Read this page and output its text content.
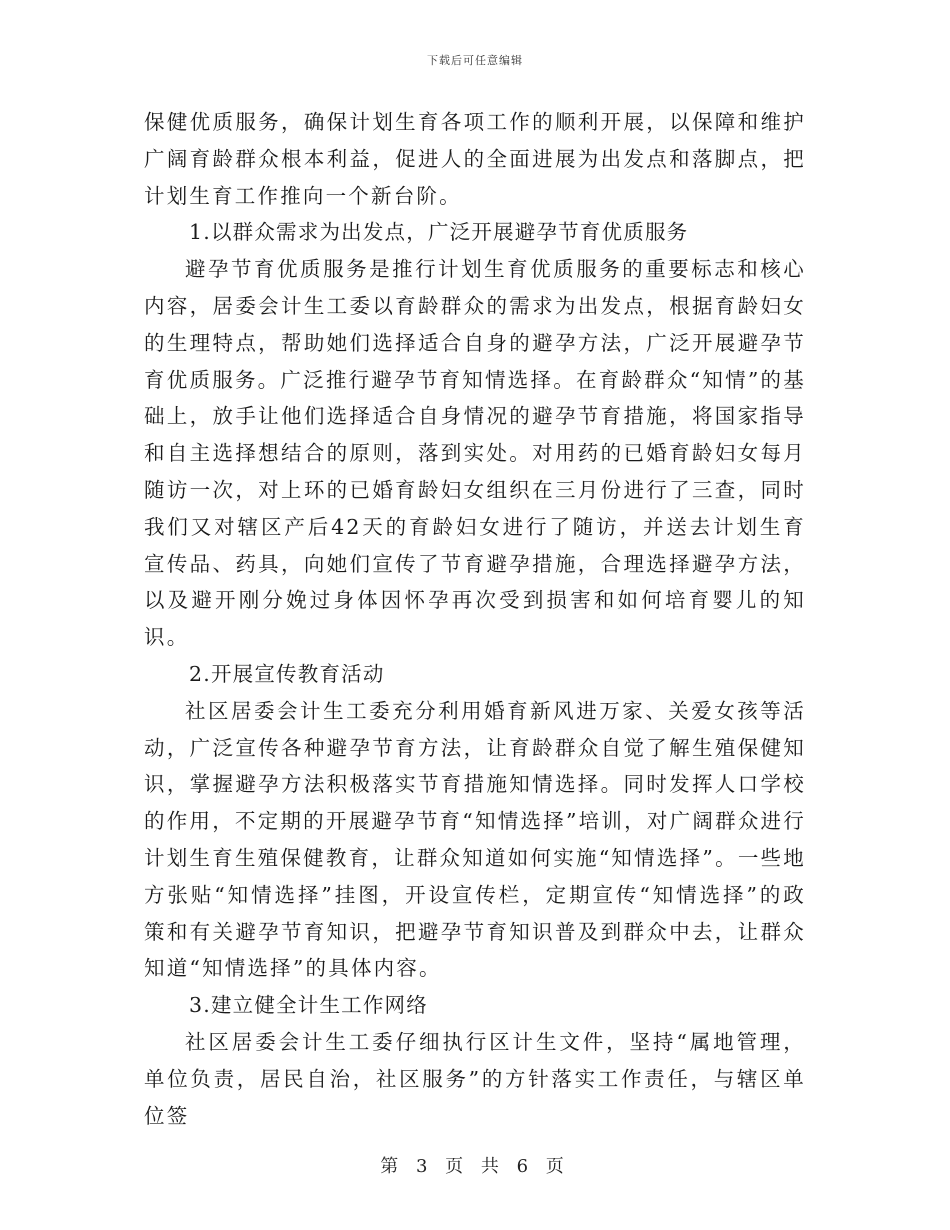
下载后可任意编辑

保健优质服务，确保计划生育各项工作的顺利开展，以保障和维护广阔育龄群众根本利益，促进人的全面进展为出发点和落脚点，把计划生育工作推向一个新台阶。

1.以群众需求为出发点，广泛开展避孕节育优质服务

避孕节育优质服务是推行计划生育优质服务的重要标志和核心内容，居委会计生工委以育龄群众的需求为出发点，根据育龄妇女的生理特点，帮助她们选择适合自身的避孕方法，广泛开展避孕节育优质服务。广泛推行避孕节育知情选择。在育龄群众“知情”的基础上，放手让他们选择适合自身情况的避孕节育措施，将国家指导和自主选择想结合的原则，落到实处。对用药的已婚育龄妇女每月随访一次，对上环的已婚育龄妇女组织在三月份进行了三查，同时我们又对辖区产后42天的育龄妇女进行了随访，并送去计划生育宣传品、药具，向她们宣传了节育避孕措施，合理选择避孕方法，以及避开刚分娩过身体因怀孕再次受到损害和如何培育婴儿的知识。

2.开展宣传教育活动

社区居委会计生工委充分利用婚育新风进万家、关爱女孩等活动，广泛宣传各种避孕节育方法，让育龄群众自觉了解生殖保健知识，掌握避孕方法积极落实节育措施知情选择。同时发挥人口学校的作用，不定期的开展避孕节育“知情选择”培训，对广阔群众进行计划生育生殖保健教育，让群众知道如何实施“知情选择”。一些地方张贴“知情选择”挂图，开设宣传栏，定期宣传“知情选择”的政策和有关避孕节育知识，把避孕节育知识普及到群众中去，让群众知道“知情选择”的具体内容。

3.建立健全计生工作网络

社区居委会计生工委仔细执行区计生文件，坚持“属地管理，单位负责，居民自治，社区服务”的方针落实工作责任，与辖区单位签

第 3 页 共 6 页
